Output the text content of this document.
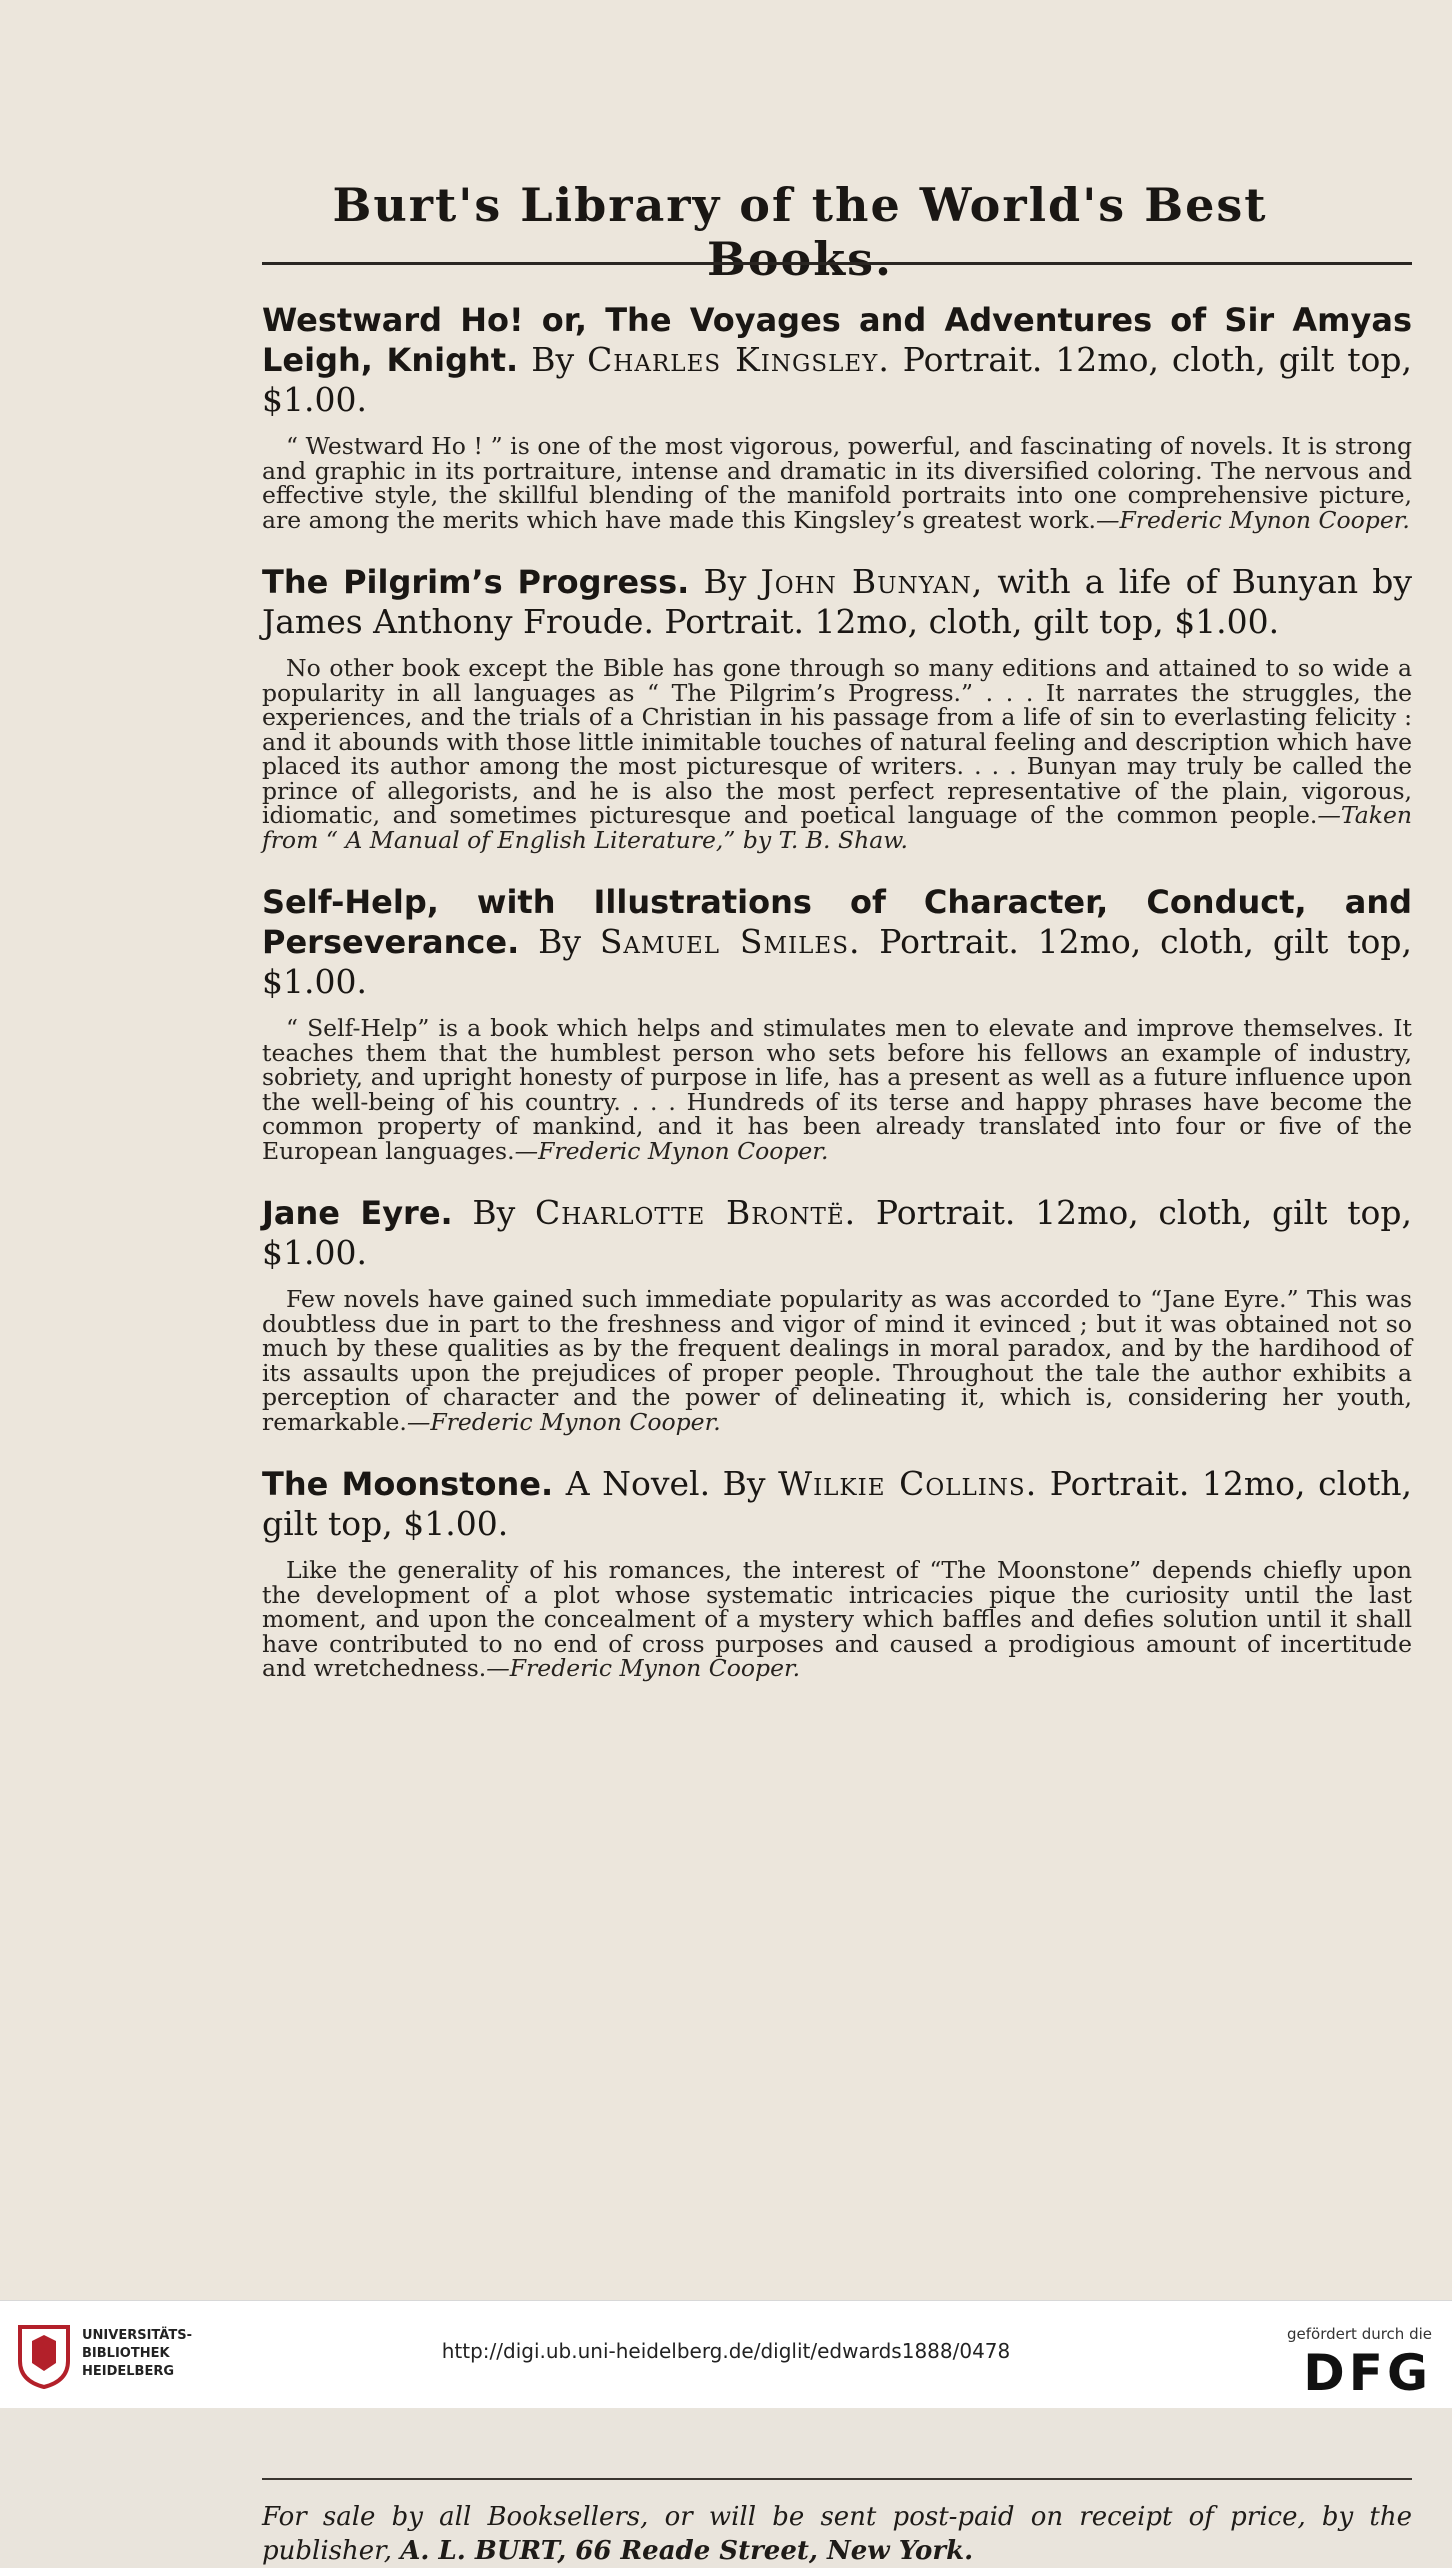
Burt's Library of the World's Best Books.

Westward Ho! or, The Voyages and Adventures of Sir Amyas Leigh, Knight. By Charles Kingsley. Portrait. 12mo, cloth, gilt top, $1.00.

“ Westward Ho ! ” is one of the most vigorous, powerful, and fascinating of novels. It is strong and graphic in its portraiture, intense and dramatic in its diversified coloring. The nervous and effective style, the skillful blending of the manifold portraits into one comprehensive picture, are among the merits which have made this Kingsley’s greatest work.—Frederic Mynon Cooper.

The Pilgrim’s Progress. By John Bunyan, with a life of Bunyan by James Anthony Froude. Portrait. 12mo, cloth, gilt top, $1.00.

No other book except the Bible has gone through so many editions and attained to so wide a popularity in all languages as “ The Pilgrim’s Progress.” . . . It narrates the struggles, the experiences, and the trials of a Christian in his passage from a life of sin to everlasting felicity : and it abounds with those little inimitable touches of natural feeling and description which have placed its author among the most picturesque of writers. . . . Bunyan may truly be called the prince of allegorists, and he is also the most perfect representative of the plain, vigorous, idiomatic, and sometimes picturesque and poetical language of the common people.—Taken from “ A Manual of English Literature,” by T. B. Shaw.

Self-Help, with Illustrations of Character, Conduct, and Perseverance. By Samuel Smiles. Portrait. 12mo, cloth, gilt top, $1.00.

“ Self-Help” is a book which helps and stimulates men to elevate and improve themselves. It teaches them that the humblest person who sets before his fellows an example of industry, sobriety, and upright honesty of purpose in life, has a present as well as a future influence upon the well-being of his country. . . . Hundreds of its terse and happy phrases have become the common property of mankind, and it has been already translated into four or five of the European languages.—Frederic Mynon Cooper.

Jane Eyre. By Charlotte Brontë. Portrait. 12mo, cloth, gilt top, $1.00.

Few novels have gained such immediate popularity as was accorded to “Jane Eyre.” This was doubtless due in part to the freshness and vigor of mind it evinced ; but it was obtained not so much by these qualities as by the frequent dealings in moral paradox, and by the hardihood of its assaults upon the prejudices of proper people. Throughout the tale the author exhibits a perception of character and the power of delineating it, which is, considering her youth, remarkable.—Frederic Mynon Cooper.

The Moonstone. A Novel. By Wilkie Collins. Portrait. 12mo, cloth, gilt top, $1.00.

Like the generality of his romances, the interest of “The Moonstone” depends chiefly upon the development of a plot whose systematic intricacies pique the curiosity until the last moment, and upon the concealment of a mystery which baffles and defies solution until it shall have contributed to no end of cross purposes and caused a prodigious amount of incertitude and wretchedness.—Frederic Mynon Cooper.

For sale by all Booksellers, or will be sent post-paid on receipt of price, by the publisher, A. L. BURT, 66 Reade Street, New York.
UNIVERSITÄTS-
BIBLIOTHEK
HEIDELBERG
http://digi.ub.uni-heidelberg.de/diglit/edwards1888/0478
gefördert durch die
DFG
